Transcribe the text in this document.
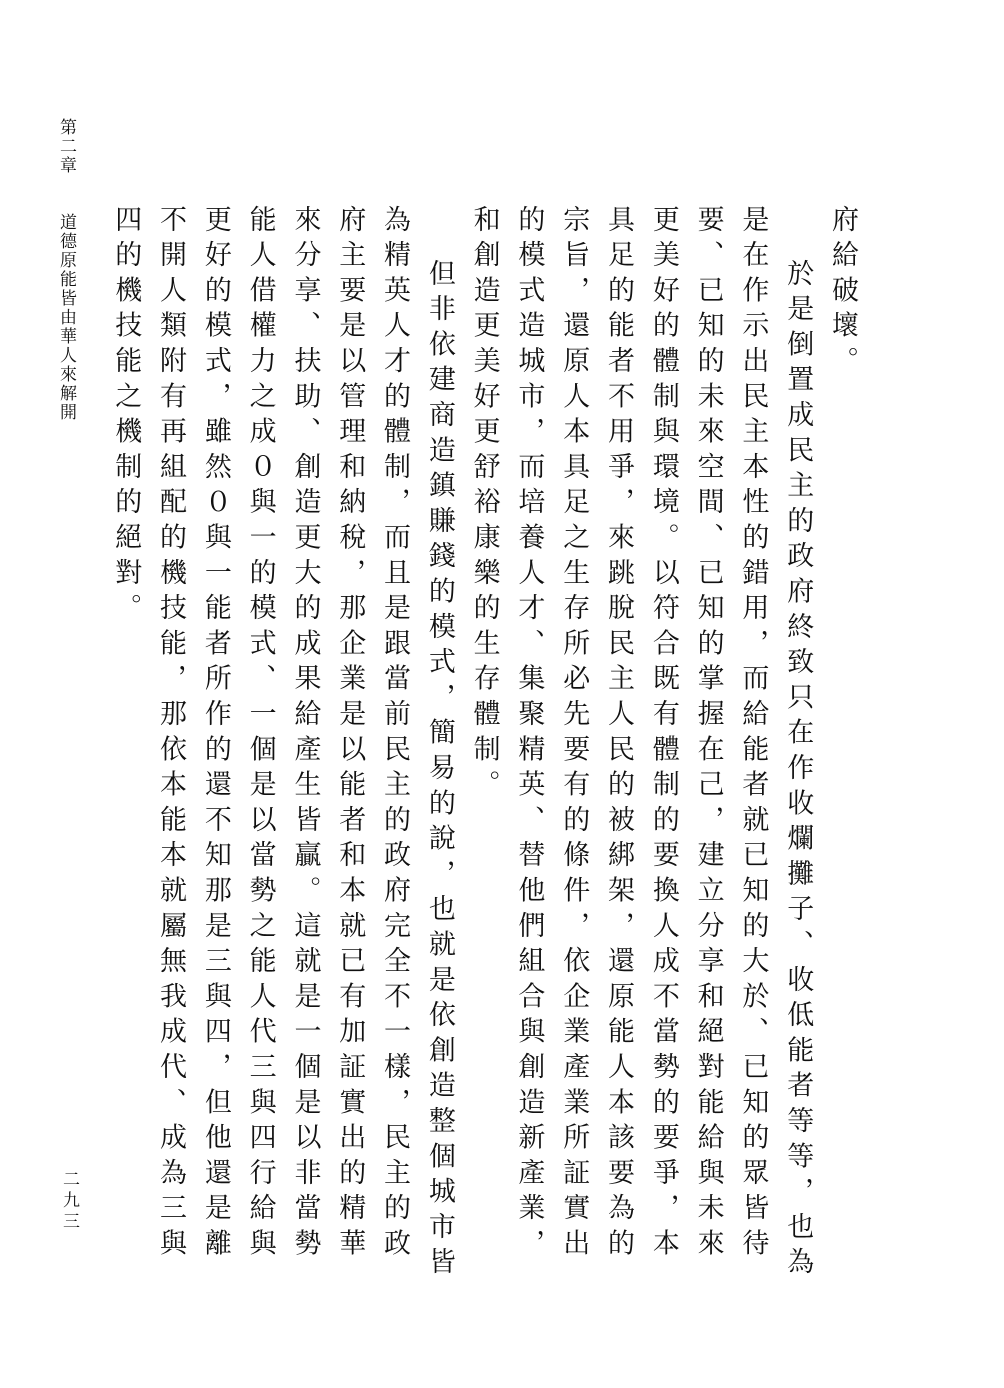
第二章　　道德原能皆由華人來解開
二九三

府給破壞。

於是倒置成民主的政府終致只在作收爛攤子、收低能者等等，也為是在作示出民主本性的錯用，而給能者就已知的大於、已知的眾皆待要、已知的未來空間、已知的掌握在己，建立分享和絕對能給與未來更美好的體制與環境。以符合既有體制的要換人成不當勢的要爭，本具足的能者不用爭，來跳脫民主人民的被綁架，還原能人本該要為的宗旨，還原人本具足之生存所必先要有的條件，依企業產業所証實出的模式造城市，而培養人才、集聚精英、替他們組合與創造新產業，和創造更美好更舒裕康樂的生存體制。

但非依建商造鎮賺錢的模式，簡易的說，也就是依創造整個城市皆為精英人才的體制，而且是跟當前民主的政府完全不一樣，民主的政府主要是以管理和納稅，那企業是以能者和本就已有加証實出的精華來分享、扶助、創造更大的成果給產生皆贏。這就是一個是以非當勢能人借權力之成０與一的模式、一個是以當勢之能人代三與四行給與更好的模式，雖然０與一能者所作的還不知那是三與四，但他還是離不開人類附有再組配的機技能，那依本能本就屬無我成代、成為三與四的機技能之機制的絕對。
